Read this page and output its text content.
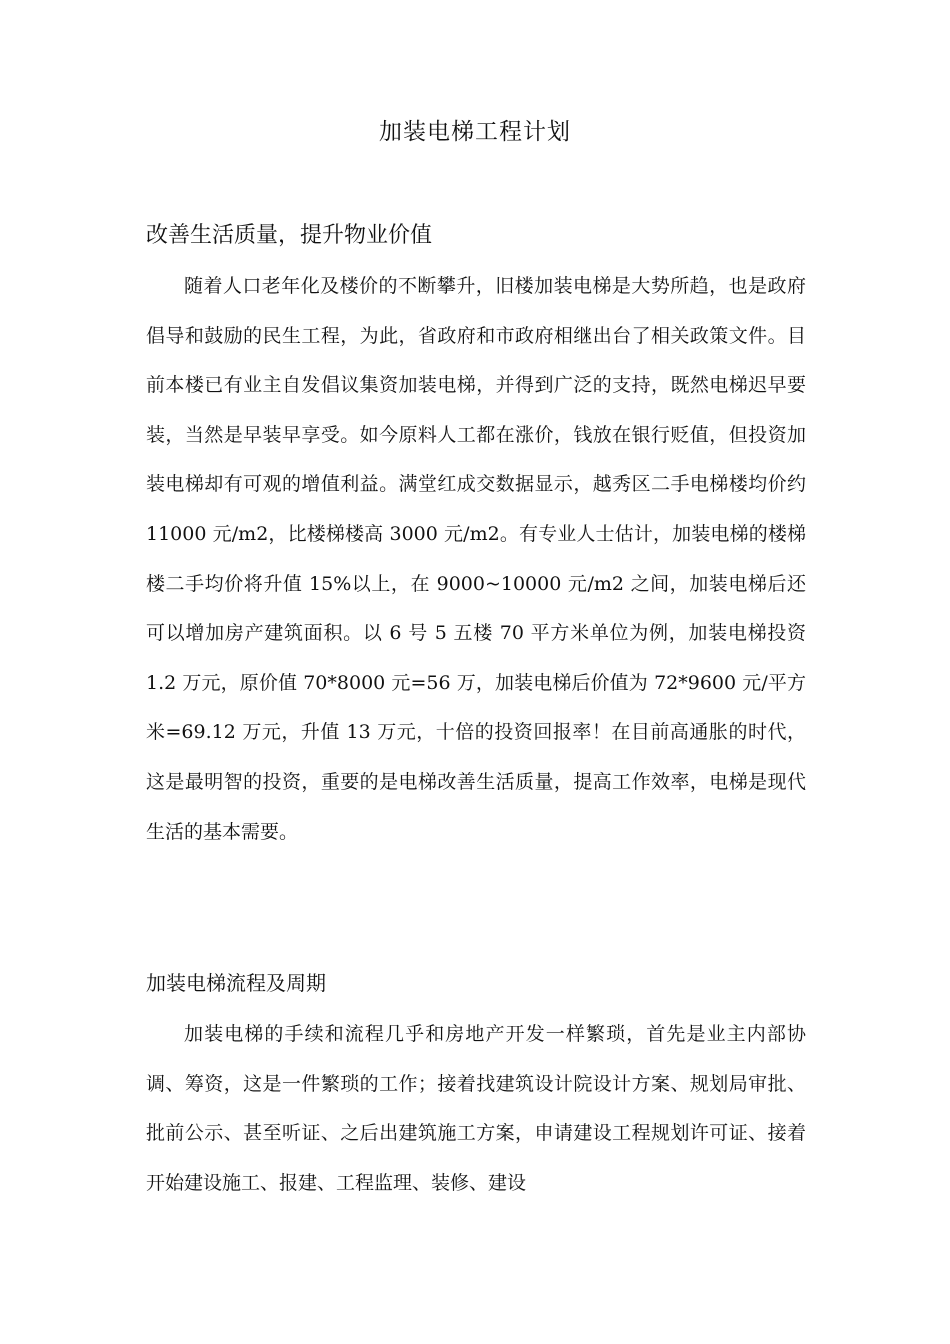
加装电梯工程计划
改善生活质量，提升物业价值

随着人口老年化及楼价的不断攀升，旧楼加装电梯是大势所趋，也是政府倡导和鼓励的民生工程，为此，省政府和市政府相继出台了相关政策文件。目前本楼已有业主自发倡议集资加装电梯，并得到广泛的支持，既然电梯迟早要装，当然是早装早享受。如今原料人工都在涨价，钱放在银行贬值，但投资加装电梯却有可观的增值利益。满堂红成交数据显示，越秀区二手电梯楼均价约 11000 元/m2，比楼梯楼高 3000 元/m2。有专业人士估计，加装电梯的楼梯楼二手均价将升值 15%以上，在 9000~10000 元/m2 之间，加装电梯后还可以增加房产建筑面积。以 6 号 5 五楼 70 平方米单位为例，加装电梯投资 1.2 万元，原价值 70*8000 元=56 万，加装电梯后价值为 72*9600 元/平方米=69.12 万元，升值 13 万元，十倍的投资回报率！在目前高通胀的时代，这是最明智的投资，重要的是电梯改善生活质量，提高工作效率，电梯是现代生活的基本需要。

加装电梯流程及周期

加装电梯的手续和流程几乎和房地产开发一样繁琐，首先是业主内部协调、筹资，这是一件繁琐的工作；接着找建筑设计院设计方案、规划局审批、批前公示、甚至听证、之后出建筑施工方案，申请建设工程规划许可证、接着开始建设施工、报建、工程监理、装修、建设
